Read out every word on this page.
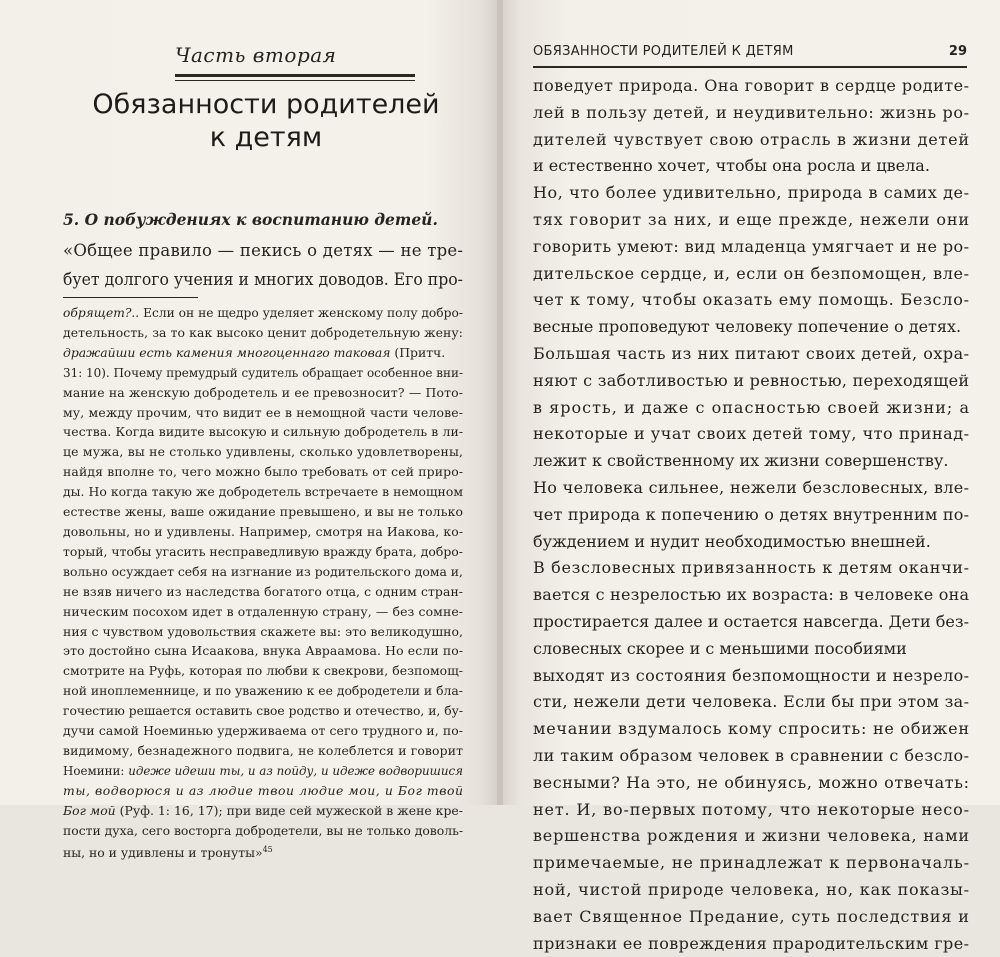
Часть вторая
Обязанности родителей
к детям
5. О побуждениях к воспитанию детей.

«Общее правило — пекись о детях — не тре-

бует долгого учения и многих доводов. Его про-

обрящет?.. Если он не щедро уделяет женскому полу добро-

детельность, за то как высоко ценит добродетельную жену:

дражайши есть камения многоценнаго таковая (Притч.

31: 10). Почему премудрый судитель обращает особенное вни-

мание на женскую добродетель и ее превозносит? — Пото-

му, между прочим, что видит ее в немощной части челове-

чества. Когда видите высокую и сильную добродетель в ли-

це мужа, вы не столько удивлены, сколько удовлетворены,

найдя вполне то, чего можно было требовать от сей приро-

ды. Но когда такую же добродетель встречаете в немощном

естестве жены, ваше ожидание превышено, и вы не только

довольны, но и удивлены. Например, смотря на Иакова, ко-

торый, чтобы угасить несправедливую вражду брата, добро-

вольно осуждает себя на изгнание из родительского дома и,

не взяв ничего из наследства богатого отца, с одним стран-

ническим посохом идет в отдаленную страну, — без сомне-

ния с чувством удовольствия скажете вы: это великодушно,

это достойно сына Исаакова, внука Авраамова. Но если по-

смотрите на Руфь, которая по любви к свекрови, безпомощ-

ной иноплеменнице, и по уважению к ее добродетели и бла-

гочестию решается оставить свое родство и отечество, и, бу-

дучи самой Ноеминью удерживаема от сего трудного и, по-

видимому, безнадежного подвига, не колеблется и говорит

Ноемини: идеже идеши ты, и аз пойду, и идеже водворишися

ты, водворюся и аз людие твои людие мои, и Бог твой

Бог мой (Руф. 1: 16, 17); при виде сей мужеской в жене кре-

пости духа, сего восторга добродетели, вы не только доволь-

ны, но и удивлены и тронуты»$^{45}$

ОБЯЗАННОСТИ РОДИТЕЛЕЙ К ДЕТЯМ	29

поведует природа. Она говорит в сердце родите-

лей в пользу детей, и неудивительно: жизнь ро-

дителей чувствует свою отрасль в жизни детей

и естественно хочет, чтобы она росла и цвела.

Но, что более удивительно, природа в самих де-

тях говорит за них, и еще прежде, нежели они

говорить умеют: вид младенца умягчает и не ро-

дительское сердце, и, если он безпомощен, вле-

чет к тому, чтобы оказать ему помощь. Безсло-

весные проповедуют человеку попечение о детях.

Большая часть из них питают своих детей, охра-

няют с заботливостью и ревностью, переходящей

в ярость, и даже с опасностью своей жизни; а

некоторые и учат своих детей тому, что принад-

лежит к свойственному их жизни совершенству.

Но человека сильнее, нежели безсловесных, вле-

чет природа к попечению о детях внутренним по-

буждением и нудит необходимостью внешней.

В безсловесных привязанность к детям оканчи-

вается с незрелостью их возраста: в человеке она

простирается далее и остается навсегда. Дети без-

словесных скорее и с меньшими пособиями

выходят из состояния безпомощности и незрело-

сти, нежели дети человека. Если бы при этом за-

мечании вздумалось кому спросить: не обижен

ли таким образом человек в сравнении с безсло-

весными? На это, не обинуясь, можно отвечать:

нет. И, во-первых потому, что некоторые несо-

вершенства рождения и жизни человека, нами

примечаемые, не принадлежат к первоначаль-

ной, чистой природе человека, но, как показы-

вает Священное Предание, суть последствия и

признаки ее повреждения прародительским гре-
